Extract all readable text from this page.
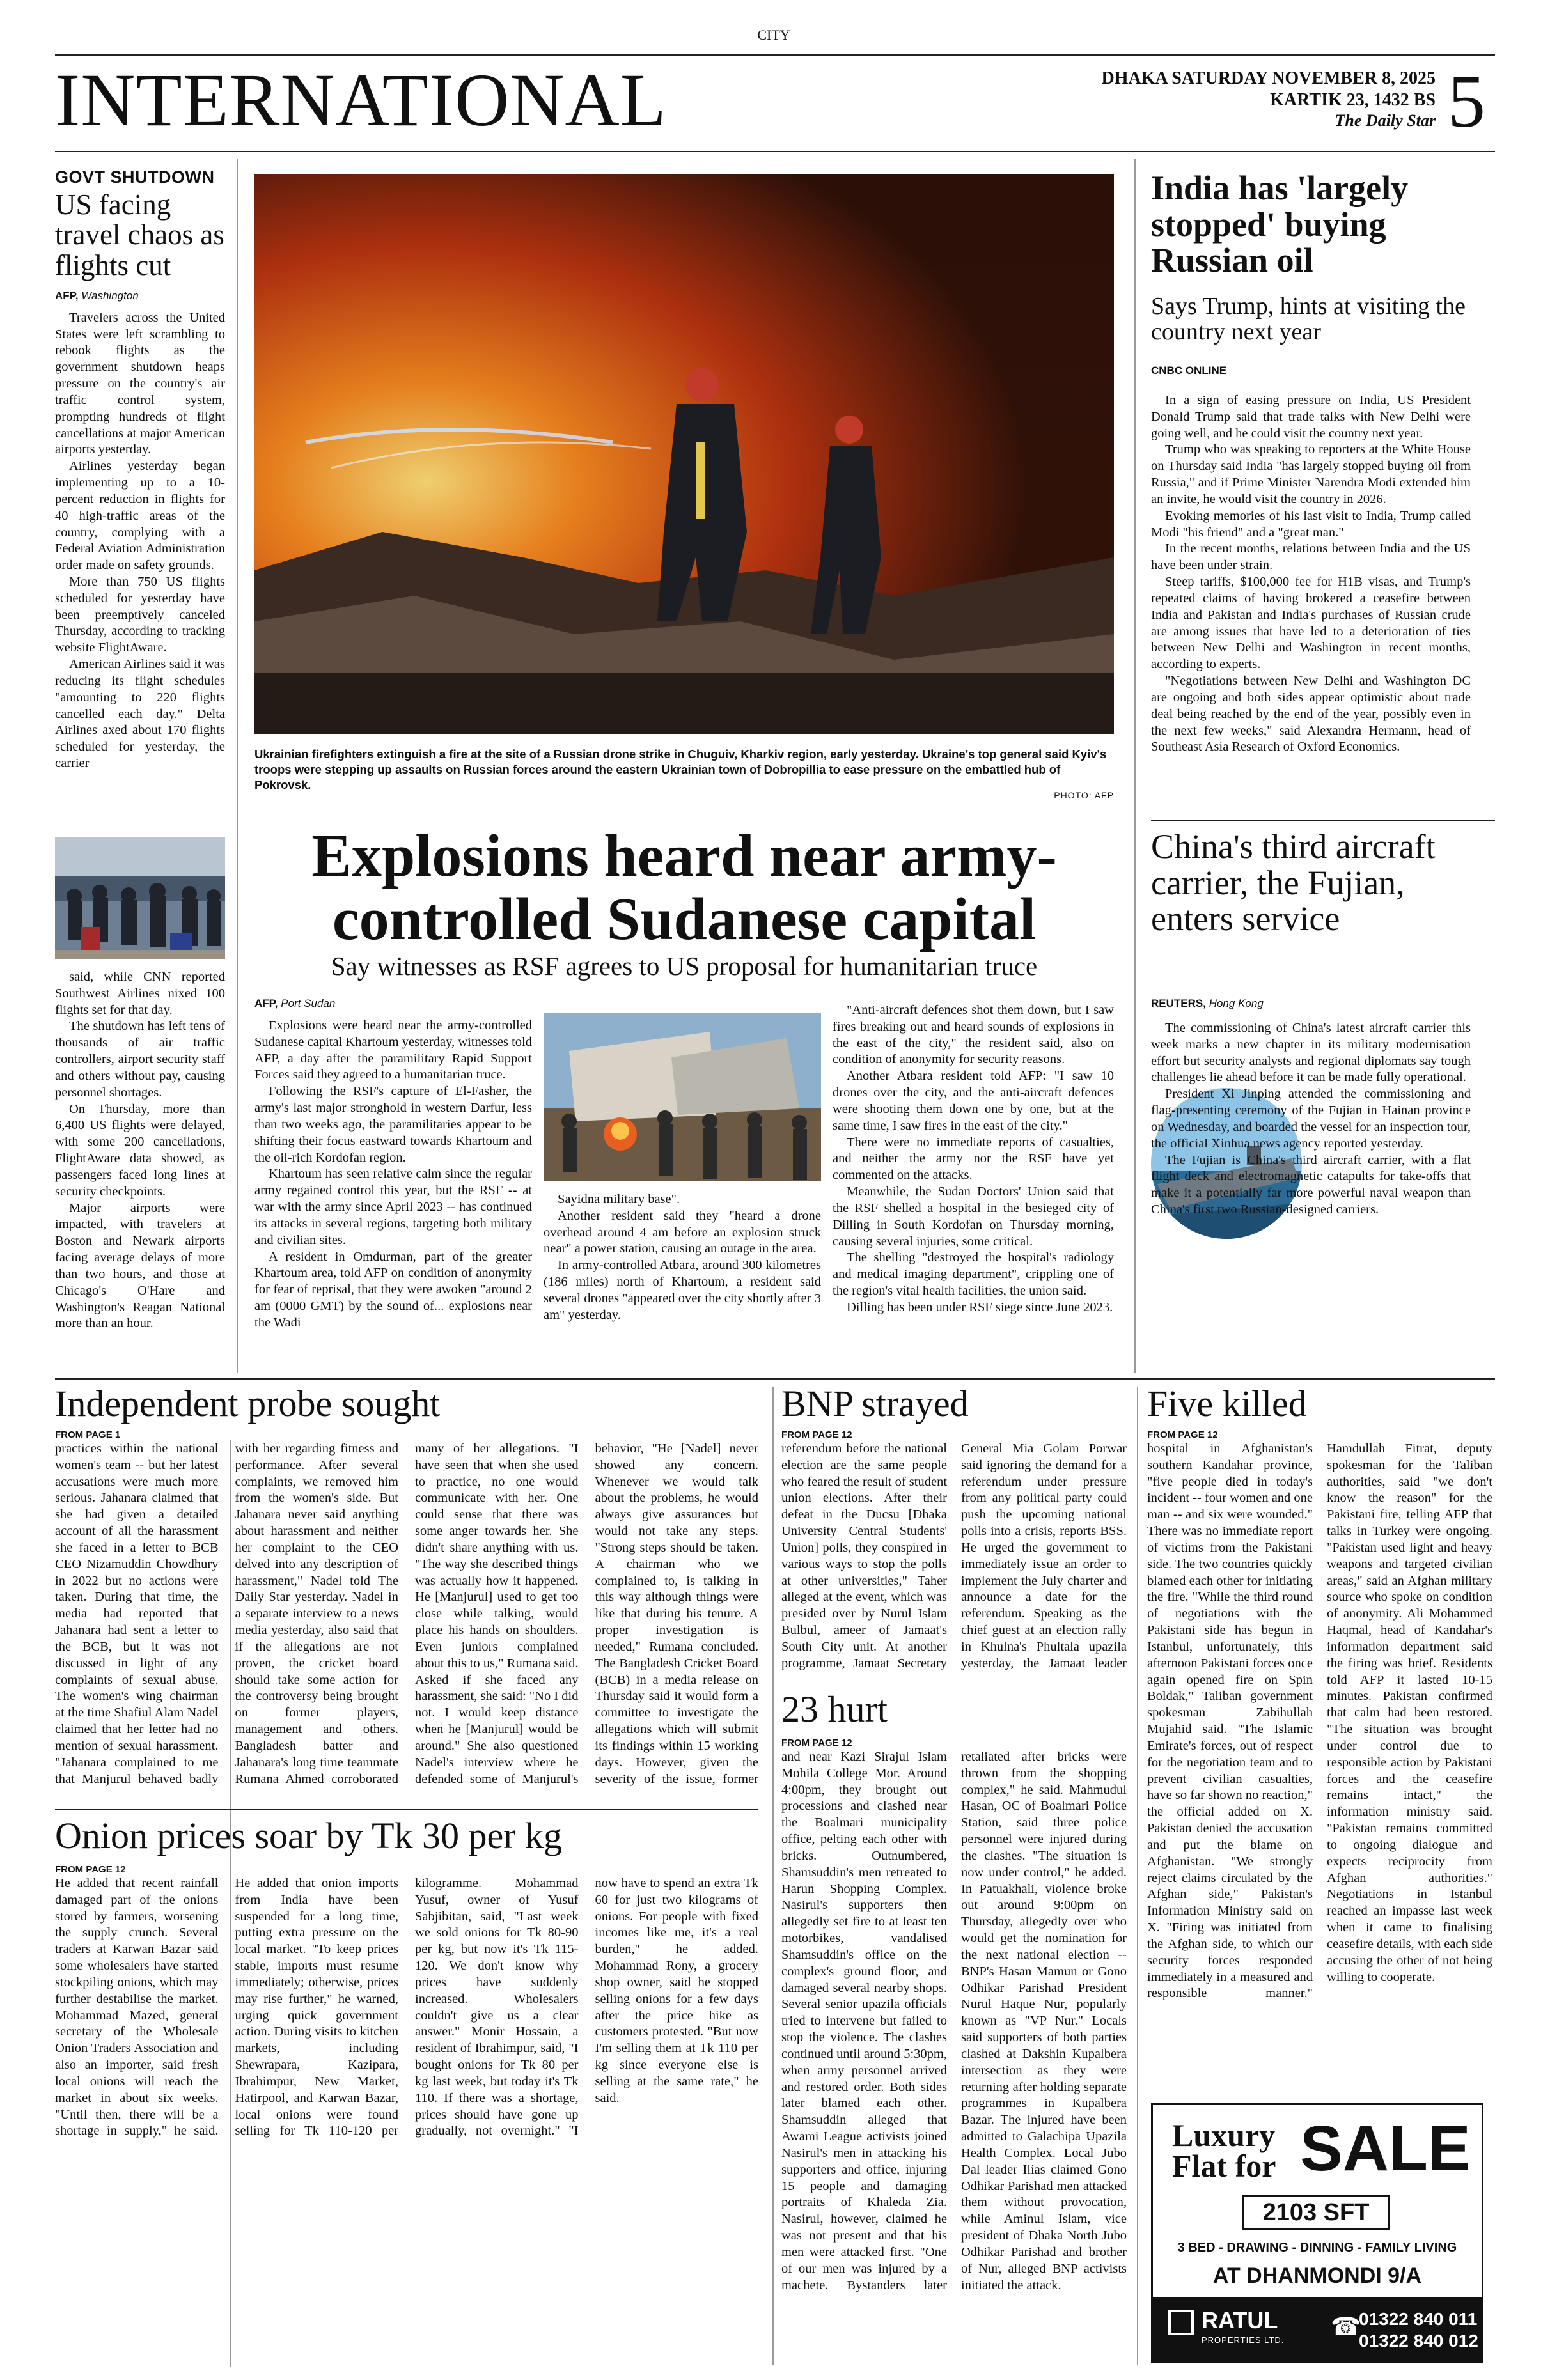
CITY
INTERNATIONAL	DHAKA SATURDAY NOVEMBER 8, 2025
KARTIK 23, 1432 BS
The Daily Star 5
GOVT SHUTDOWN
US facing travel chaos as flights cut
AFP, Washington

Travelers across the United States were left scrambling to rebook flights as the government shutdown heaps pressure on the country's air traffic control system, prompting hundreds of flight cancellations at major American airports yesterday.

Airlines yesterday began implementing up to a 10-percent reduction in flights for 40 high-traffic areas of the country, complying with a Federal Aviation Administration order made on safety grounds.

More than 750 US flights scheduled for yesterday have been preemptively canceled Thursday, according to tracking website FlightAware.

American Airlines said it was reducing its flight schedules "amounting to 220 flights cancelled each day." Delta Airlines axed about 170 flights scheduled for yesterday, the carrier

said, while CNN reported Southwest Airlines nixed 100 flights set for that day.

The shutdown has left tens of thousands of air traffic controllers, airport security staff and others without pay, causing personnel shortages.

On Thursday, more than 6,400 US flights were delayed, with some 200 cancellations, FlightAware data showed, as passengers faced long lines at security checkpoints.

Major airports were impacted, with travelers at Boston and Newark airports facing average delays of more than two hours, and those at Chicago's O'Hare and Washington's Reagan National more than an hour.

Ukrainian firefighters extinguish a fire at the site of a Russian drone strike in Chuguiv, Kharkiv region, early yesterday. Ukraine's top general said Kyiv's troops were stepping up assaults on Russian forces around the eastern Ukrainian town of Dobropillia to ease pressure on the embattled hub of Pokrovsk.
PHOTO: AFP
Explosions heard near army-controlled Sudanese capital
Say witnesses as RSF agrees to US proposal for humanitarian truce
AFP, Port Sudan

Explosions were heard near the army-controlled Sudanese capital Khartoum yesterday, witnesses told AFP, a day after the paramilitary Rapid Support Forces said they agreed to a humanitarian truce.

Following the RSF's capture of El-Fasher, the army's last major stronghold in western Darfur, less than two weeks ago, the paramilitaries appear to be shifting their focus eastward towards Khartoum and the oil-rich Kordofan region.

Khartoum has seen relative calm since the regular army regained control this year, but the RSF -- at war with the army since April 2023 -- has continued its attacks in several regions, targeting both military and civilian sites.

A resident in Omdurman, part of the greater Khartoum area, told AFP on condition of anonymity for fear of reprisal, that they were awoken "around 2 am (0000 GMT) by the sound of... explosions near the Wadi

Sayidna military base".

Another resident said they "heard a drone overhead around 4 am before an explosion struck near" a power station, causing an outage in the area.

In army-controlled Atbara, around 300 kilometres (186 miles) north of Khartoum, a resident said several drones "appeared over the city shortly after 3 am" yesterday.

"Anti-aircraft defences shot them down, but I saw fires breaking out and heard sounds of explosions in the east of the city," the resident said, also on condition of anonymity for security reasons.

Another Atbara resident told AFP: "I saw 10 drones over the city, and the anti-aircraft defences were shooting them down one by one, but at the same time, I saw fires in the east of the city."

There were no immediate reports of casualties, and neither the army nor the RSF have yet commented on the attacks.

Meanwhile, the Sudan Doctors' Union said that the RSF shelled a hospital in the besieged city of Dilling in South Kordofan on Thursday morning, causing several injuries, some critical.

The shelling "destroyed the hospital's radiology and medical imaging department", crippling one of the region's vital health facilities, the union said.

Dilling has been under RSF siege since June 2023.

India has 'largely stopped' buying Russian oil
Says Trump, hints at visiting the country next year
CNBC ONLINE

In a sign of easing pressure on India, US President Donald Trump said that trade talks with New Delhi were going well, and he could visit the country next year.

Trump who was speaking to reporters at the White House on Thursday said India "has largely stopped buying oil from Russia," and if Prime Minister Narendra Modi extended him an invite, he would visit the country in 2026.

Evoking memories of his last visit to India, Trump called Modi "his friend" and a "great man."

In the recent months, relations between India and the US have been under strain.

Steep tariffs, $100,000 fee for H1B visas, and Trump's repeated claims of having brokered a ceasefire between India and Pakistan and India's purchases of Russian crude are among issues that have led to a deterioration of ties between New Delhi and Washington in recent months, according to experts.

"Negotiations between New Delhi and Washington DC are ongoing and both sides appear optimistic about trade deal being reached by the end of the year, possibly even in the next few weeks," said Alexandra Hermann, head of Southeast Asia Research of Oxford Economics.

China's third aircraft carrier, the Fujian, enters service
REUTERS, Hong Kong

The commissioning of China's latest aircraft carrier this week marks a new chapter in its military modernisation effort but security analysts and regional diplomats say tough challenges lie ahead before it can be made fully operational.

President Xi Jinping attended the commissioning and flag-presenting ceremony of the Fujian in Hainan province on Wednesday, and boarded the vessel for an inspection tour, the official Xinhua news agency reported yesterday.

The Fujian is China's third aircraft carrier, with a flat flight deck and electromagnetic catapults for take-offs that make it a potentially far more powerful naval weapon than China's first two Russian-designed carriers.

Independent probe sought
FROM PAGE 1
practices within the national women's team -- but her latest accusations were much more serious. Jahanara claimed that she had given a detailed account of all the harassment she faced in a letter to BCB CEO Nizamuddin Chowdhury in 2022 but no actions were taken. During that time, the media had reported that Jahanara had sent a letter to the BCB, but it was not discussed in light of any complaints of sexual abuse. The women's wing chairman at the time Shafiul Alam Nadel claimed that her letter had no mention of sexual harassment. "Jahanara complained to me that Manjurul behaved badly with her regarding fitness and performance. After several complaints, we removed him from the women's side. But Jahanara never said anything about harassment and neither her complaint to the CEO delved into any description of harassment," Nadel told The Daily Star yesterday. Nadel in a separate interview to a news media yesterday, also said that if the allegations are not proven, the cricket board should take some action for the controversy being brought on former players, management and others. Bangladesh batter and Jahanara's long time teammate Rumana Ahmed corroborated many of her allegations. "I have seen that when she used to practice, no one would communicate with her. One could sense that there was some anger towards her. She didn't share anything with us. "The way she described things was actually how it happened. He [Manjurul] used to get too close while talking, would place his hands on shoulders. Even juniors complained about this to us," Rumana said. Asked if she faced any harassment, she said: "No I did not. I would keep distance when he [Manjurul] would be around." She also questioned Nadel's interview where he defended some of Manjurul's behavior, "He [Nadel] never showed any concern. Whenever we would talk about the problems, he would always give assurances but would not take any steps. "Strong steps should be taken. A chairman who we complained to, is talking in this way although things were like that during his tenure. A proper investigation is needed," Rumana concluded. The Bangladesh Cricket Board (BCB) in a media release on Thursday said it would form a committee to investigate the allegations which will submit its findings within 15 working days. However, given the severity of the issue, former
Onion prices soar by Tk 30 per kg
FROM PAGE 12
He added that recent rainfall damaged part of the onions stored by farmers, worsening the supply crunch. Several traders at Karwan Bazar said some wholesalers have started stockpiling onions, which may further destabilise the market. Mohammad Mazed, general secretary of the Wholesale Onion Traders Association and also an importer, said fresh local onions will reach the market in about six weeks. "Until then, there will be a shortage in supply," he said. He added that onion imports from India have been suspended for a long time, putting extra pressure on the local market. "To keep prices stable, imports must resume immediately; otherwise, prices may rise further," he warned, urging quick government action. During visits to kitchen markets, including Shewrapara, Kazipara, Ibrahimpur, New Market, Hatirpool, and Karwan Bazar, local onions were found selling for Tk 110-120 per kilogramme. Mohammad Yusuf, owner of Yusuf Sabjibitan, said, "Last week we sold onions for Tk 80-90 per kg, but now it's Tk 115-120. We don't know why prices have suddenly increased. Wholesalers couldn't give us a clear answer." Monir Hossain, a resident of Ibrahimpur, said, "I bought onions for Tk 80 per kg last week, but today it's Tk 110. If there was a shortage, prices should have gone up gradually, not overnight." "I now have to spend an extra Tk 60 for just two kilograms of onions. For people with fixed incomes like me, it's a real burden," he added. Mohammad Rony, a grocery shop owner, said he stopped selling onions for a few days after the price hike as customers protested. "But now I'm selling them at Tk 110 per kg since everyone else is selling at the same rate," he said.
BNP strayed
FROM PAGE 12
referendum before the national election are the same people who feared the result of student union elections. After their defeat in the Ducsu [Dhaka University Central Students' Union] polls, they conspired in various ways to stop the polls at other universities," Taher alleged at the event, which was presided over by Nurul Islam Bulbul, ameer of Jamaat's South City unit. At another programme, Jamaat Secretary General Mia Golam Porwar said ignoring the demand for a referendum under pressure from any political party could push the upcoming national polls into a crisis, reports BSS. He urged the government to immediately issue an order to implement the July charter and announce a date for the referendum. Speaking as the chief guest at an election rally in Khulna's Phultala upazila yesterday, the Jamaat leader
23 hurt
FROM PAGE 12
and near Kazi Sirajul Islam Mohila College Mor. Around 4:00pm, they brought out processions and clashed near the Boalmari municipality office, pelting each other with bricks. Outnumbered, Shamsuddin's men retreated to Harun Shopping Complex. Nasirul's supporters then allegedly set fire to at least ten motorbikes, vandalised Shamsuddin's office on the complex's ground floor, and damaged several nearby shops. Several senior upazila officials tried to intervene but failed to stop the violence. The clashes continued until around 5:30pm, when army personnel arrived and restored order. Both sides later blamed each other. Shamsuddin alleged that Awami League activists joined Nasirul's men in attacking his supporters and office, injuring 15 people and damaging portraits of Khaleda Zia. Nasirul, however, claimed he was not present and that his men were attacked first. "One of our men was injured by a machete. Bystanders later retaliated after bricks were thrown from the shopping complex," he said. Mahmudul Hasan, OC of Boalmari Police Station, said three police personnel were injured during the clashes. "The situation is now under control," he added. In Patuakhali, violence broke out around 9:00pm on Thursday, allegedly over who would get the nomination for the next national election -- BNP's Hasan Mamun or Gono Odhikar Parishad President Nurul Haque Nur, popularly known as "VP Nur." Locals said supporters of both parties clashed at Dakshin Kupalbera intersection as they were returning after holding separate programmes in Kupalbera Bazar. The injured have been admitted to Galachipa Upazila Health Complex. Local Jubo Dal leader Ilias claimed Gono Odhikar Parishad men attacked them without provocation, while Aminul Islam, vice president of Dhaka North Jubo Odhikar Parishad and brother of Nur, alleged BNP activists initiated the attack.
Five killed
FROM PAGE 12
hospital in Afghanistan's southern Kandahar province, "five people died in today's incident -- four women and one man -- and six were wounded." There was no immediate report of victims from the Pakistani side. The two countries quickly blamed each other for initiating the fire. "While the third round of negotiations with the Pakistani side has begun in Istanbul, unfortunately, this afternoon Pakistani forces once again opened fire on Spin Boldak," Taliban government spokesman Zabihullah Mujahid said. "The Islamic Emirate's forces, out of respect for the negotiation team and to prevent civilian casualties, have so far shown no reaction," the official added on X. Pakistan denied the accusation and put the blame on Afghanistan. "We strongly reject claims circulated by the Afghan side," Pakistan's Information Ministry said on X. "Firing was initiated from the Afghan side, to which our security forces responded immediately in a measured and responsible manner." Hamdullah Fitrat, deputy spokesman for the Taliban authorities, said "we don't know the reason" for the Pakistani fire, telling AFP that talks in Turkey were ongoing. "Pakistan used light and heavy weapons and targeted civilian areas," said an Afghan military source who spoke on condition of anonymity. Ali Mohammed Haqmal, head of Kandahar's information department said the firing was brief. Residents told AFP it lasted 10-15 minutes. Pakistan confirmed that calm had been restored. "The situation was brought under control due to responsible action by Pakistani forces and the ceasefire remains intact," the information ministry said. "Pakistan remains committed to ongoing dialogue and expects reciprocity from Afghan authorities." Negotiations in Istanbul reached an impasse last week when it came to finalising ceasefire details, with each side accusing the other of not being willing to cooperate.
Luxury
Flat for SALE
2103 SFT
3 BED - DRAWING - DINNING - FAMILY LIVING
AT DHANMONDI 9/A
RATUL
PROPERTIES LTD. ☎
01322 840 011
01322 840 012
